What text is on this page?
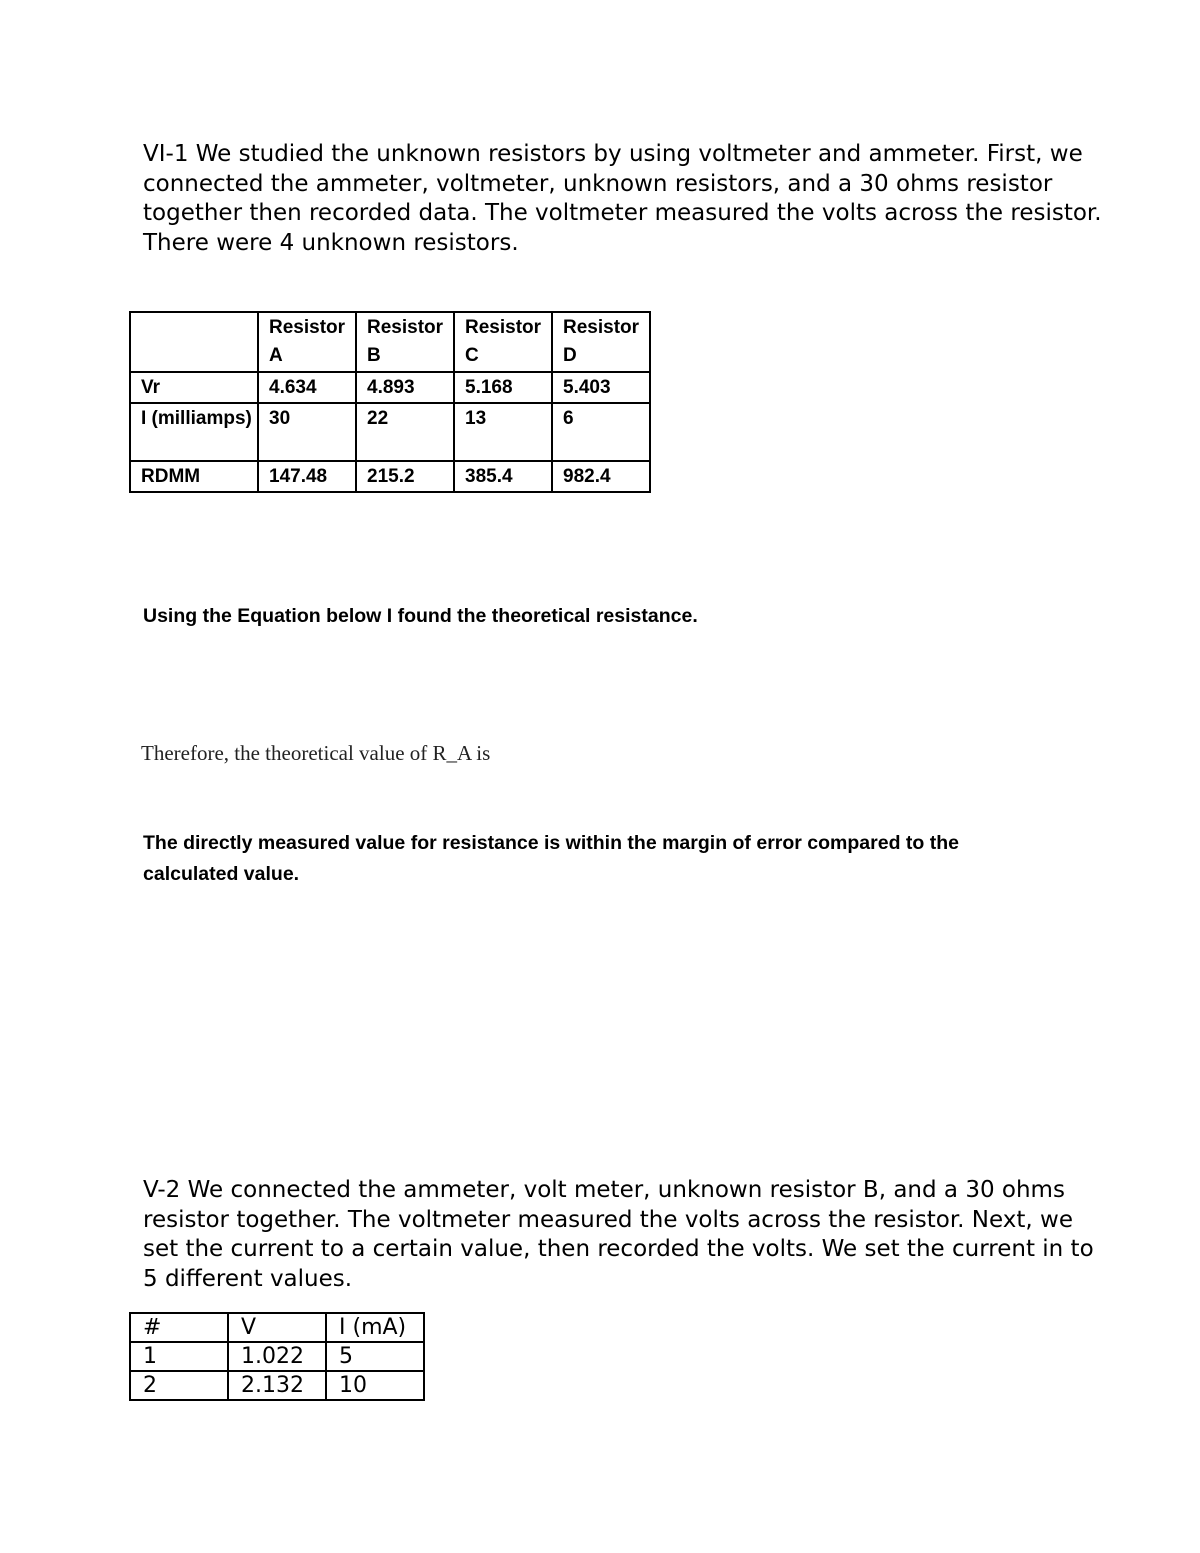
VI-1 We studied the unknown resistors by using voltmeter and ammeter. First, we connected the ammeter, voltmeter, unknown resistors, and a 30 ohms resistor together then recorded data. The voltmeter measured the volts across the resistor. There were 4 unknown resistors.

	Resistor A	Resistor B	Resistor C	Resistor D
Vr	4.634	4.893	5.168	5.403
I (milliamps)	30	22	13	6
RDMM	147.48	215.2	385.4	982.4

Using the Equation below I found the theoretical resistance.

Therefore, the theoretical value of R_A is

The directly measured value for resistance is within the margin of error compared to the calculated value.

V-2 We connected the ammeter, volt meter, unknown resistor B, and a 30 ohms resistor together. The voltmeter measured the volts across the resistor. Next, we set the current to a certain value, then recorded the volts. We set the current in to 5 different values.

#	V	I (mA)
1	1.022	5
2	2.132	10
